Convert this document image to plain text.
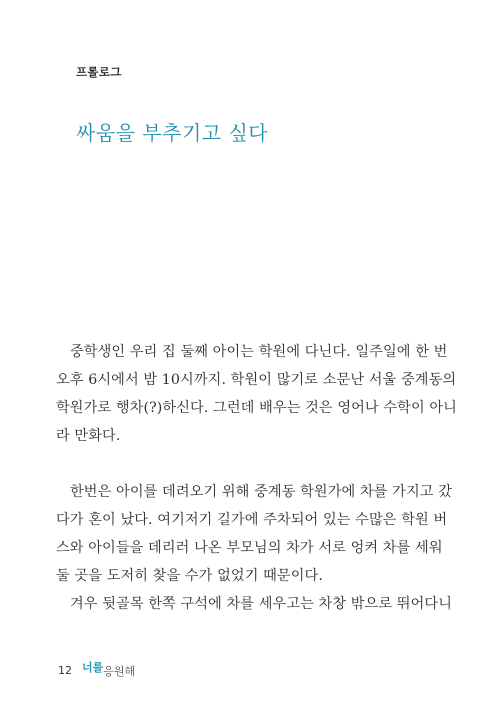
프롤로그
싸움을 부추기고 싶다

중학생인 우리 집 둘째 아이는 학원에 다닌다. 일주일에 한 번
오후 6시에서 밤 10시까지. 학원이 많기로 소문난 서울 중계동의
학원가로 행차(?)하신다. 그런데 배우는 것은 영어나 수학이 아니
라 만화다.

한번은 아이를 데려오기 위해 중계동 학원가에 차를 가지고 갔
다가 혼이 났다. 여기저기 길가에 주차되어 있는 수많은 학원 버
스와 아이들을 데리러 나온 부모님의 차가 서로 엉켜 차를 세워
둘 곳을 도저히 찾을 수가 없었기 때문이다.

겨우 뒷골목 한쪽 구석에 차를 세우고는 차창 밖으로 뛰어다니

12 너를응원해
